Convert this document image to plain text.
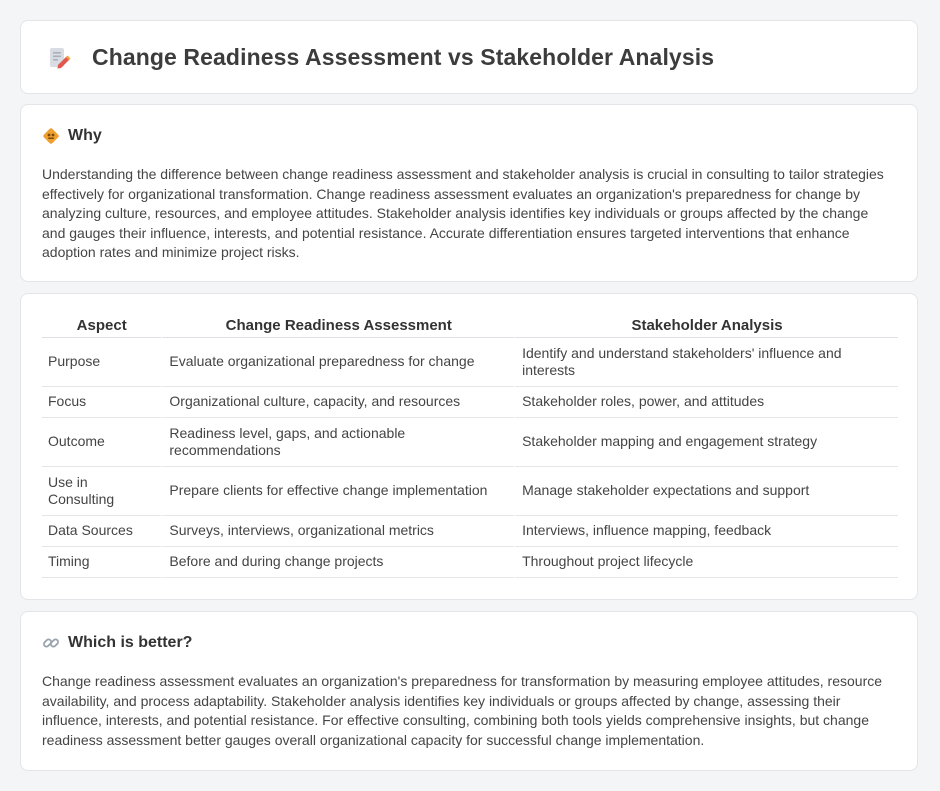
Change Readiness Assessment vs Stakeholder Analysis
Why

Understanding the difference between change readiness assessment and stakeholder analysis is crucial in consulting to tailor strategies effectively for organizational transformation. Change readiness assessment evaluates an organization's preparedness for change by analyzing culture, resources, and employee attitudes. Stakeholder analysis identifies key individuals or groups affected by the change and gauges their influence, interests, and potential resistance. Accurate differentiation ensures targeted interventions that enhance adoption rates and minimize project risks.

Aspect	Change Readiness Assessment	Stakeholder Analysis
Purpose	Evaluate organizational preparedness for change	Identify and understand stakeholders' influence and interests
Focus	Organizational culture, capacity, and resources	Stakeholder roles, power, and attitudes
Outcome	Readiness level, gaps, and actionable recommendations	Stakeholder mapping and engagement strategy
Use in Consulting	Prepare clients for effective change implementation	Manage stakeholder expectations and support
Data Sources	Surveys, interviews, organizational metrics	Interviews, influence mapping, feedback
Timing	Before and during change projects	Throughout project lifecycle
Which is better?

Change readiness assessment evaluates an organization's preparedness for transformation by measuring employee attitudes, resource availability, and process adaptability. Stakeholder analysis identifies key individuals or groups affected by change, assessing their influence, interests, and potential resistance. For effective consulting, combining both tools yields comprehensive insights, but change readiness assessment better gauges overall organizational capacity for successful change implementation.
